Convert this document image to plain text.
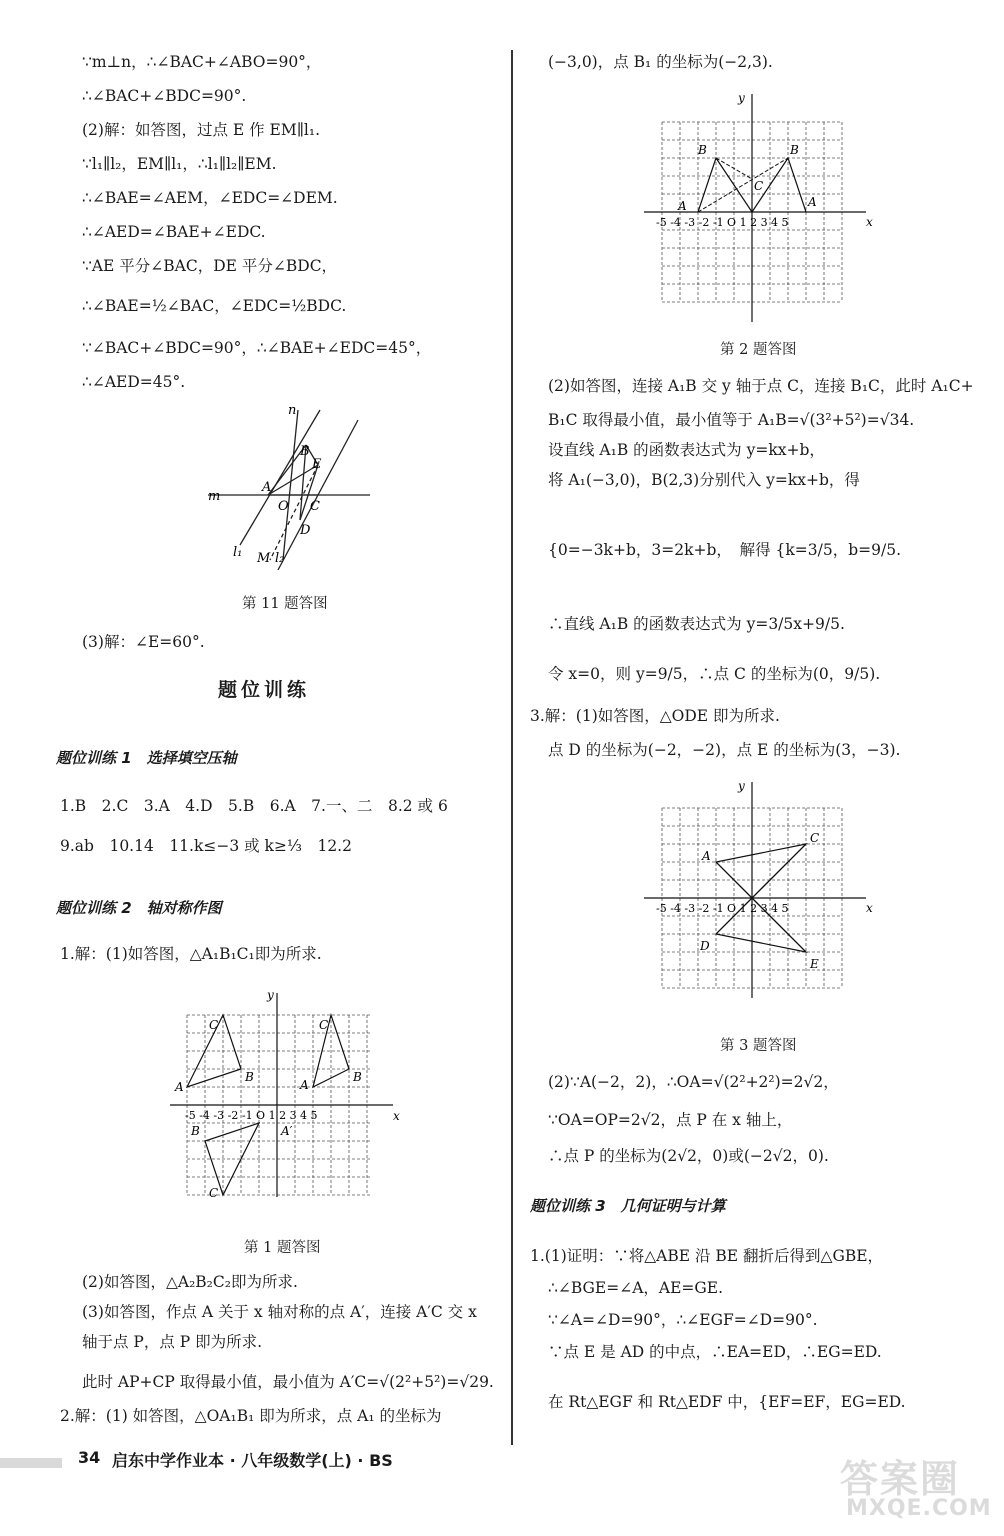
∵m⊥n，∴∠BAC+∠ABO=90°，
∴∠BAC+∠BDC=90°.
(2)解：如答图，过点 E 作 EM∥l₁.
∵l₁∥l₂，EM∥l₁，∴l₁∥l₂∥EM.
∴∠BAE=∠AEM，∠EDC=∠DEM.
∴∠AED=∠BAE+∠EDC.
∵AE 平分∠BAC，DE 平分∠BDC，
∴∠BAE=½∠BAC，∠EDC=½BDC.
∵∠BAC+∠BDC=90°，∴∠BAE+∠EDC=45°，
∴∠AED=45°.
n
B
E
m
A
O C
D
l₁ M l₂
第 11 题答图
(3)解：∠E=60°.
题位训练
题位训练 1　选择填空压轴
1.B　2.C　3.A　4.D　5.B　6.A　7.一、二　8.2 或 6
9.ab　10.14　11.k≤−3 或 k≥⅓　12.2
题位训练 2　轴对称作图
1.解：(1)如答图，△A₁B₁C₁即为所求.
y
x
-5 -4 -3 -2 -1 O 1 2 3 4 5
A
C
B
A
C
B
B
C
A′
第 1 题答图
(2)如答图，△A₂B₂C₂即为所求.
(3)如答图，作点 A 关于 x 轴对称的点 A′，连接 A′C 交 x
轴于点 P，点 P 即为所求.
此时 AP+CP 取得最小值，最小值为 A′C=√(2²+5²)=√29.
2.解：(1) 如答图，△OA₁B₁ 即为所求，点 A₁ 的坐标为
(−3,0)，点 B₁ 的坐标为(−2,3).
y
x
-5 -4 -3 -2 -1 O 1 2 3 4 5
B	B
C
A	A
第 2 题答图
(2)如答图，连接 A₁B 交 y 轴于点 C，连接 B₁C，此时 A₁C+
B₁C 取得最小值，最小值等于 A₁B=√(3²+5²)=√34.
设直线 A₁B 的函数表达式为 y=kx+b，
将 A₁(−3,0)，B(2,3)分别代入 y=kx+b，得
{0=−3k+b，3=2k+b，　解得 {k=3/5，b=9/5.
∴直线 A₁B 的函数表达式为 y=3/5x+9/5.
令 x=0，则 y=9/5，∴点 C 的坐标为(0，9/5).
3.解：(1)如答图，△ODE 即为所求.
点 D 的坐标为(−2，−2)，点 E 的坐标为(3，−3).
y
x
-5 -4 -3 -2 -1 O 1 2 3 4 5
A
C
D
E
第 3 题答图
(2)∵A(−2，2)，∴OA=√(2²+2²)=2√2，
∵OA=OP=2√2，点 P 在 x 轴上，
∴点 P 的坐标为(2√2，0)或(−2√2，0).
题位训练 3　几何证明与计算
1.(1)证明：∵将△ABE 沿 BE 翻折后得到△GBE，
∴∠BGE=∠A，AE=GE.
∵∠A=∠D=90°，∴∠EGF=∠D=90°.
∵点 E 是 AD 的中点，∴EA=ED，∴EG=ED.
在 Rt△EGF 和 Rt△EDF 中，{EF=EF，EG=ED.
34 启东中学作业本 · 八年级数学(上) · BS	答案圈
MXQE.COM
